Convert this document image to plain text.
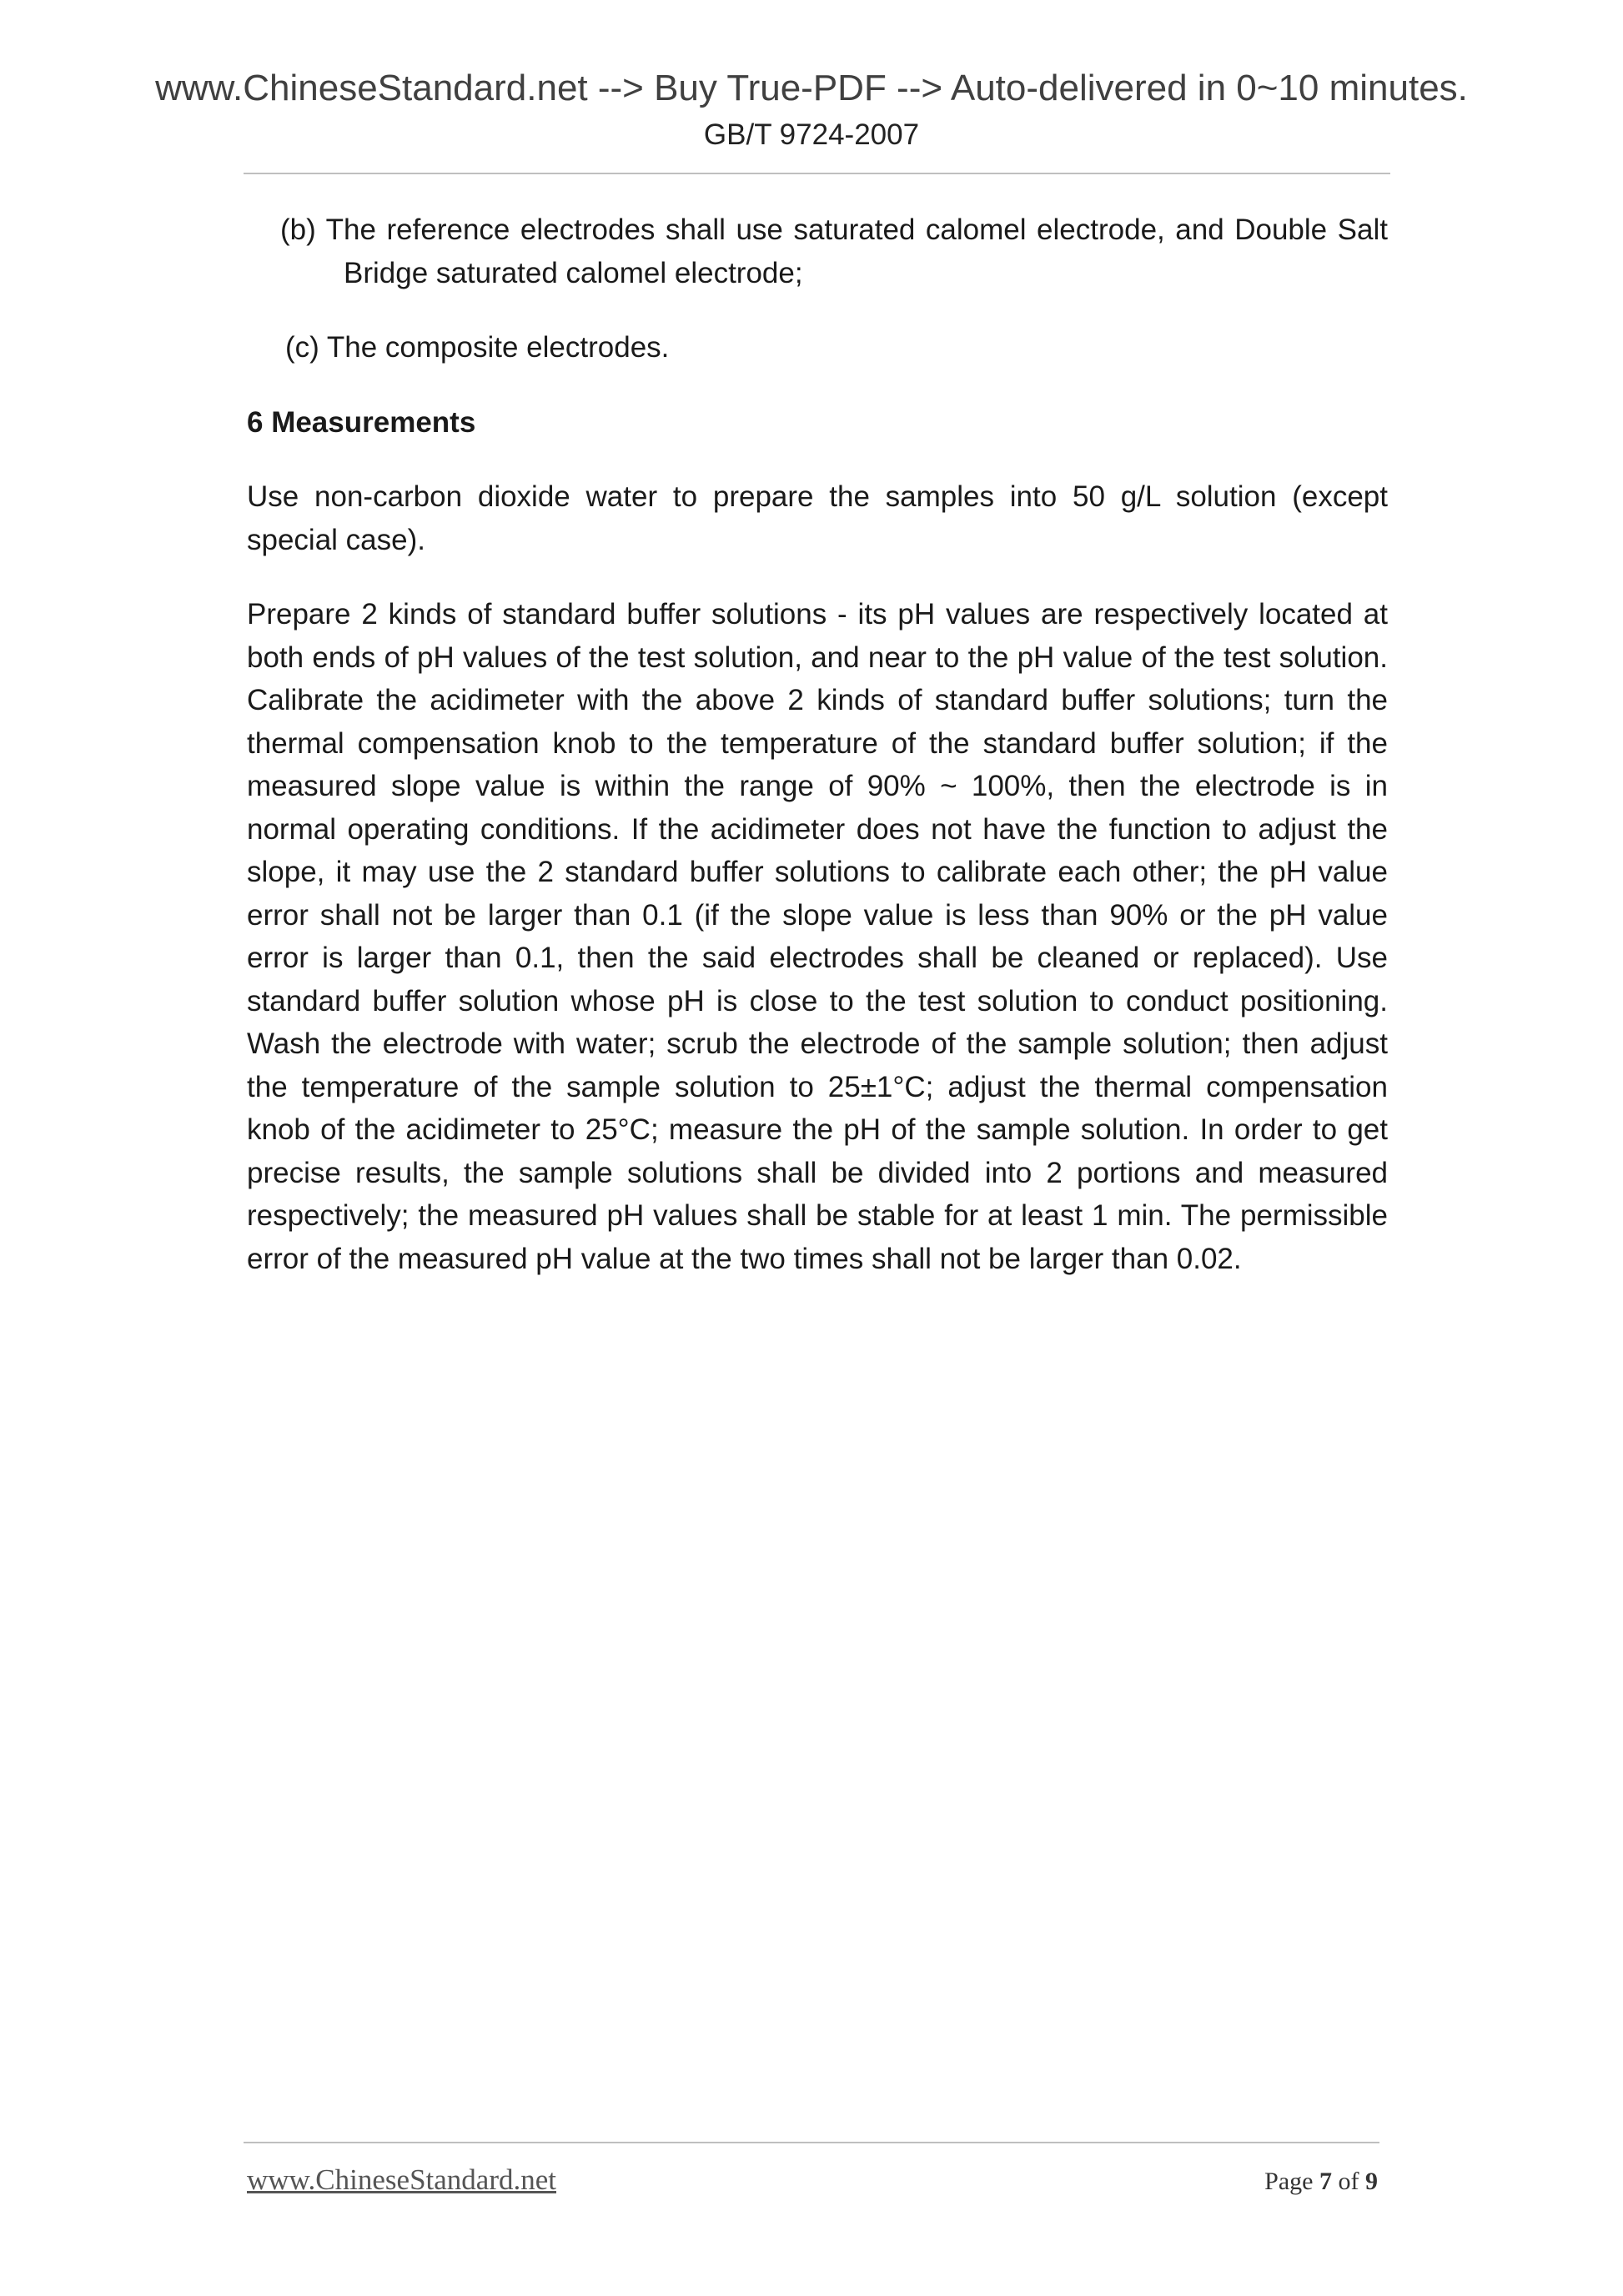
www.ChineseStandard.net --> Buy True-PDF --> Auto-delivered in 0~10 minutes.
GB/T 9724-2007

(b) The reference electrodes shall use saturated calomel electrode, and Double Salt Bridge saturated calomel electrode;

(c) The composite electrodes.

6 Measurements

Use non-carbon dioxide water to prepare the samples into 50 g/L solution (except special case).

Prepare 2 kinds of standard buffer solutions - its pH values are respectively located at both ends of pH values of the test solution, and near to the pH value of the test solution. Calibrate the acidimeter with the above 2 kinds of standard buffer solutions; turn the thermal compensation knob to the temperature of the standard buffer solution; if the measured slope value is within the range of 90% ~ 100%, then the electrode is in normal operating conditions. If the acidimeter does not have the function to adjust the slope, it may use the 2 standard buffer solutions to calibrate each other; the pH value error shall not be larger than 0.1 (if the slope value is less than 90% or the pH value error is larger than 0.1, then the said electrodes shall be cleaned or replaced). Use standard buffer solution whose pH is close to the test solution to conduct positioning. Wash the electrode with water; scrub the electrode of the sample solution; then adjust the temperature of the sample solution to 25±1°C; adjust the thermal compensation knob of the acidimeter to 25°C; measure the pH of the sample solution. In order to get precise results, the sample solutions shall be divided into 2 portions and measured respectively; the measured pH values shall be stable for at least 1 min. The permissible error of the measured pH value at the two times shall not be larger than 0.02.

www.ChineseStandard.net	Page 7 of 9
